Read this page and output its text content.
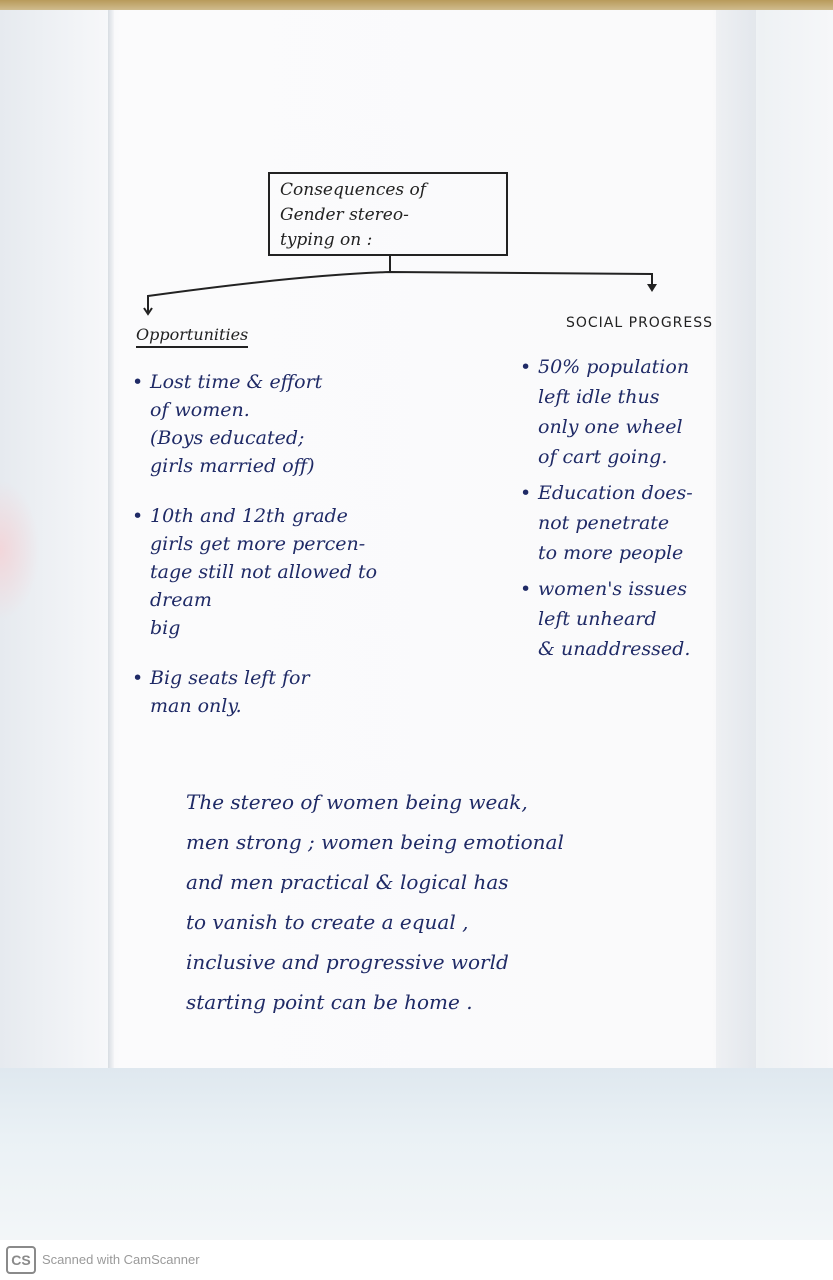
Consequences of
Gender stereo-
typing on :
Opportunities
SOCIAL PROGRESS
• Lost time & effort
of women.
(Boys educated;
girls married off)
• 10th and 12th grade
girls get more percen-
tage still not allowed to dream
big
• Big seats left for
man only.
• 50% population
left idle thus
only one wheel
of cart going.
• Education does-
not penetrate
to more people
• women's issues
left unheard
& unaddressed.
The stereo of women being weak,
men strong ; women being emotional
and men practical & logical has
to vanish to create a equal ,
inclusive and progressive world
starting point can be home .
CS Scanned with CamScanner
